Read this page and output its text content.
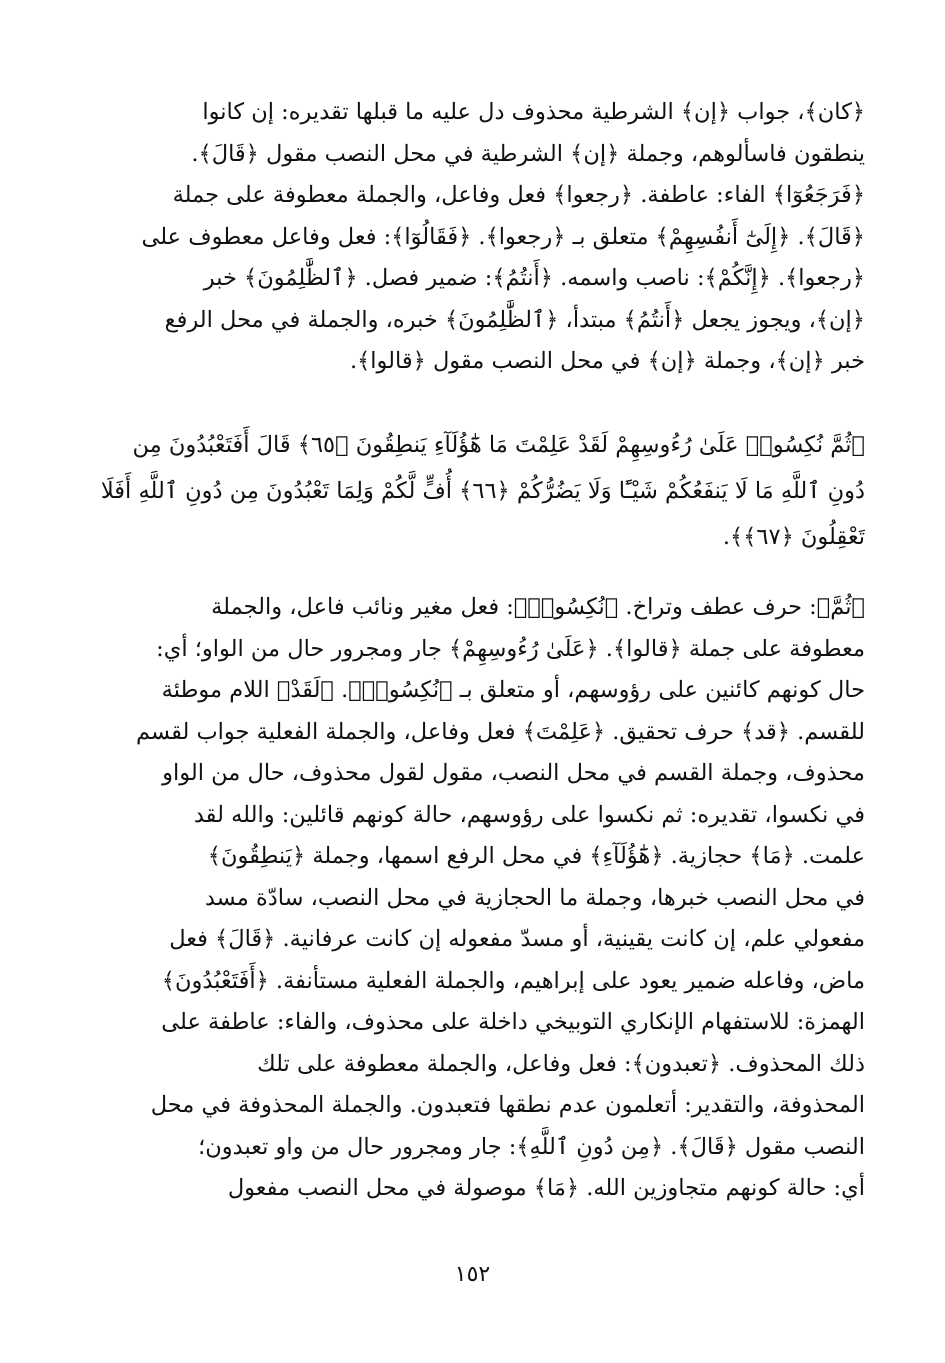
﴿كان﴾، جواب ﴿إن﴾ الشرطية محذوف دل عليه ما قبلها تقديره: إن كانوا
ينطقون فاسألوهم، وجملة ﴿إن﴾ الشرطية في محل النصب مقول ﴿قَالَ﴾.
﴿فَرَجَعُوٓا﴾ الفاء: عاطفة. ﴿رجعوا﴾ فعل وفاعل، والجملة معطوفة على جملة
﴿قَالَ﴾. ﴿إِلَىٰٓ أَنفُسِهِمْ﴾ متعلق بـ ﴿رجعوا﴾. ﴿فَقَالُوٓا﴾: فعل وفاعل معطوف على
﴿رجعوا﴾. ﴿إِنَّكُمْ﴾: ناصب واسمه. ﴿أَنتُمُ﴾: ضمير فصل. ﴿ٱلظَّٰلِمُونَ﴾ خبر
﴿إن﴾، ويجوز يجعل ﴿أَنتُمُ﴾ مبتدأ، ﴿ٱلظَّٰلِمُونَ﴾ خبره، والجملة في محل الرفع
خبر ﴿إن﴾، وجملة ﴿إن﴾ في محل النصب مقول ﴿قالوا﴾.
﴿ثُمَّ نُكِسُوا۟ عَلَىٰ رُءُوسِهِمْ لَقَدْ عَلِمْتَ مَا هَٰٓؤُلَآءِ يَنطِقُونَ ﴿٦٥﴾ قَالَ أَفَتَعْبُدُونَ مِن
دُونِ ٱللَّهِ مَا لَا يَنفَعُكُمْ شَيْـًٔا وَلَا يَضُرُّكُمْ ﴿٦٦﴾ أُفٍّ لَّكُمْ وَلِمَا تَعْبُدُونَ مِن دُونِ ٱللَّهِ أَفَلَا
تَعْقِلُونَ ﴿٦٧﴾﴾.
﴿ثُمَّ﴾: حرف عطف وتراخ. ﴿نُكِسُوا۟﴾: فعل مغير ونائب فاعل، والجملة
معطوفة على جملة ﴿قالوا﴾. ﴿عَلَىٰ رُءُوسِهِمْ﴾ جار ومجرور حال من الواو؛ أي:
حال كونهم كائنين على رؤوسهم، أو متعلق بـ ﴿نُكِسُوا۟﴾. ﴿لَقَدْ﴾ اللام موطئة
للقسم. ﴿قد﴾ حرف تحقيق. ﴿عَلِمْتَ﴾ فعل وفاعل، والجملة الفعلية جواب لقسم
محذوف، وجملة القسم في محل النصب، مقول لقول محذوف، حال من الواو
في نكسوا، تقديره: ثم نكسوا على رؤوسهم، حالة كونهم قائلين: والله لقد
علمت. ﴿مَا﴾ حجازية. ﴿هَٰٓؤُلَآءِ﴾ في محل الرفع اسمها، وجملة ﴿يَنطِقُونَ﴾
في محل النصب خبرها، وجملة ما الحجازية في محل النصب، سادّة مسد
مفعولي علم، إن كانت يقينية، أو مسدّ مفعوله إن كانت عرفانية. ﴿قَالَ﴾ فعل
ماض، وفاعله ضمير يعود على إبراهيم، والجملة الفعلية مستأنفة. ﴿أَفَتَعْبُدُونَ﴾
الهمزة: للاستفهام الإنكاري التوبيخي داخلة على محذوف، والفاء: عاطفة على
ذلك المحذوف. ﴿تعبدون﴾: فعل وفاعل، والجملة معطوفة على تلك
المحذوفة، والتقدير: أتعلمون عدم نطقها فتعبدون. والجملة المحذوفة في محل
النصب مقول ﴿قَالَ﴾. ﴿مِن دُونِ ٱللَّهِ﴾: جار ومجرور حال من واو تعبدون؛
أي: حالة كونهم متجاوزين الله. ﴿مَا﴾ موصولة في محل النصب مفعول
١٥٢
